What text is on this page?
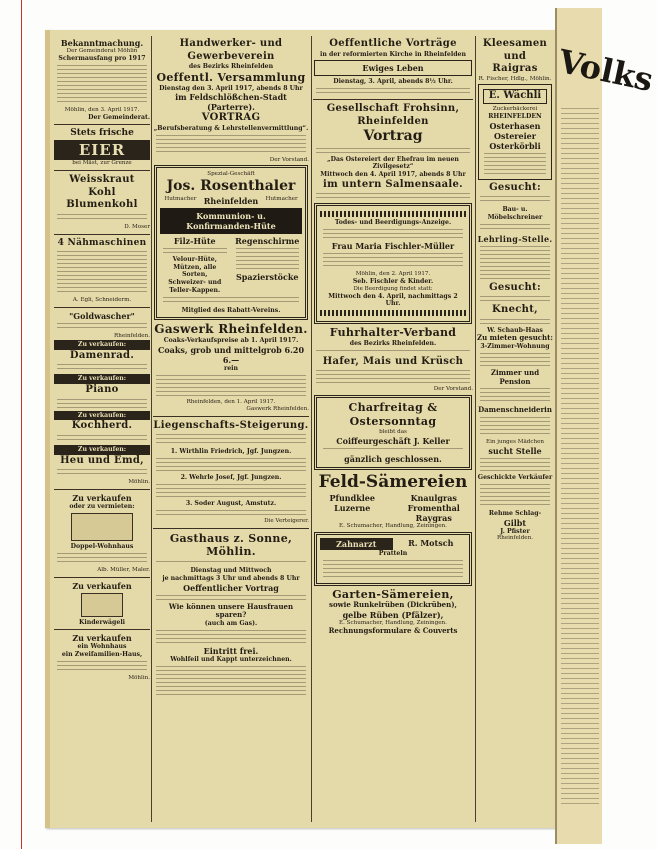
Bekanntmachung.
Der Gemeinderat Möhlin
Schermausfang pro 1917
Möhlin, den 3. April 1917.
Der Gemeinderat.
Stets frische
EIER
bei Mäst, zur Grenze
Weisskraut
Kohl
Blumenkohl
D. Moser
4 Nähmaschinen
A. Egli, Schneiderm.
"Goldwascher"
Rheinfelden.
Zu verkaufen:
Damenrad.
Zu verkaufen:
Piano
Zu verkaufen:
Kochherd.
Zu verkaufen:
Heu und Emd,
Möhlin.
Zu verkaufen
oder zu vermieten:
Doppel-Wohnhaus
Alb. Müller, Maler.
Zu verkaufen
Kinderwägeli
Zu verkaufen
ein Wohnhaus
ein Zweifamilien-Haus,
Möhlin.
Handwerker- und Gewerbeverein
des Bezirks Rheinfelden
Oeffentl. Versammlung
Dienstag den 3. April 1917, abends 8 Uhr
im Feldschlößchen-Stadt (Parterre).
VORTRAG
„Berufsberatung & Lehrstellenvermittlung“.
Der Vorstand.
Spezial-Geschäft
Jos. Rosenthaler
Hutmacher Rheinfelden	Hutmacher
Kommunion- u. Konfirmanden-Hüte
Filz-Hüte
Velour-Hüte,
Mützen, alle Sorten,
Schweizer- und
Teller-Kappen.
Regenschirme
Spazierstöcke
Mitglied des Rabatt-Vereins.
Gaswerk Rheinfelden.
Coaks-Verkaufspreise ab 1. April 1917.
Coaks, grob und mittelgrob 6.20 6.—
rein
Rheinfelden, den 1. April 1917.
Gaswerk Rheinfelden.
Liegenschafts-Steigerung.
1. Wirthlin Friedrich, Jgf. Jungzen.
2. Wehrle Josef, Jgf. Jungzen.
3. Soder August, Amstutz.
Die Verteigerer.
Gasthaus z. Sonne, Möhlin.
Dienstag und Mittwoch
je nachmittags 3 Uhr und abends 8 Uhr
Oeffentlicher Vortrag
Wie können unsere Hausfrauen sparen?
(auch am Gas).
Eintritt frei.
Wohlfeil und Kappt unterzeichnen.
Oeffentliche Vorträge
in der reformierten Kirche in Rheinfelden
Ewiges Leben
Dienstag, 3. April, abends 8½ Uhr.
Gesellschaft Frohsinn, Rheinfelden
Vortrag
„Das Ostereiert der Ehefrau im neuen Zivilgesetz“
Mittwoch den 4. April 1917, abends 8 Uhr
im untern Salmensaale.
Todes- und Beerdigungs-Anzeige.
Frau Maria Fischler-Müller
Möhlin, den 2. April 1917.
Seb. Fischler & Kinder.
Die Beerdigung findet statt:
Mittwoch den 4. April, nachmittags 2 Uhr.
Fuhrhalter-Verband
des Bezirks Rheinfelden.
Hafer, Mais und Krüsch
Der Vorstand.
Charfreitag & Ostersonntag
bleibt das
Coiffeurgeschäft J. Keller
gänzlich geschlossen.
Feld-Sämereien
Pfundklee
Luzerne
Knaulgras
Fromenthal
Raygras
E. Schumacher, Handlung, Zeiningen.
Zahnarzt	R. Motsch
Pratteln
Garten-Sämereien,
sowie Runkelrüben (Dickrüben),
gelbe Rüben (Pfälzer),
E. Schumacher, Handlung, Zeiningen.
Rechnungsformulare & Couverts
Kleesamen und
Raigras
R. Fischer, Hdlg., Möhlin.
E. Wächli
Zuckerbäckerei
RHEINFELDEN
Osterhasen
Ostereier
Osterkörbli
Gesucht:
Bau- u. Möbelschreiner
Lehrling-Stelle.
Gesucht:
Knecht,
W. Schaub-Haas
Zu mieten gesucht:
3-Zimmer-Wohnung
Zimmer und Pension
Damenschneiderin
Ein junges Mädchen
sucht Stelle
Geschickte Verkäufer
Rehme Schlag-
Gilbt
J. Pfister
Rheinfelden.
Volks
